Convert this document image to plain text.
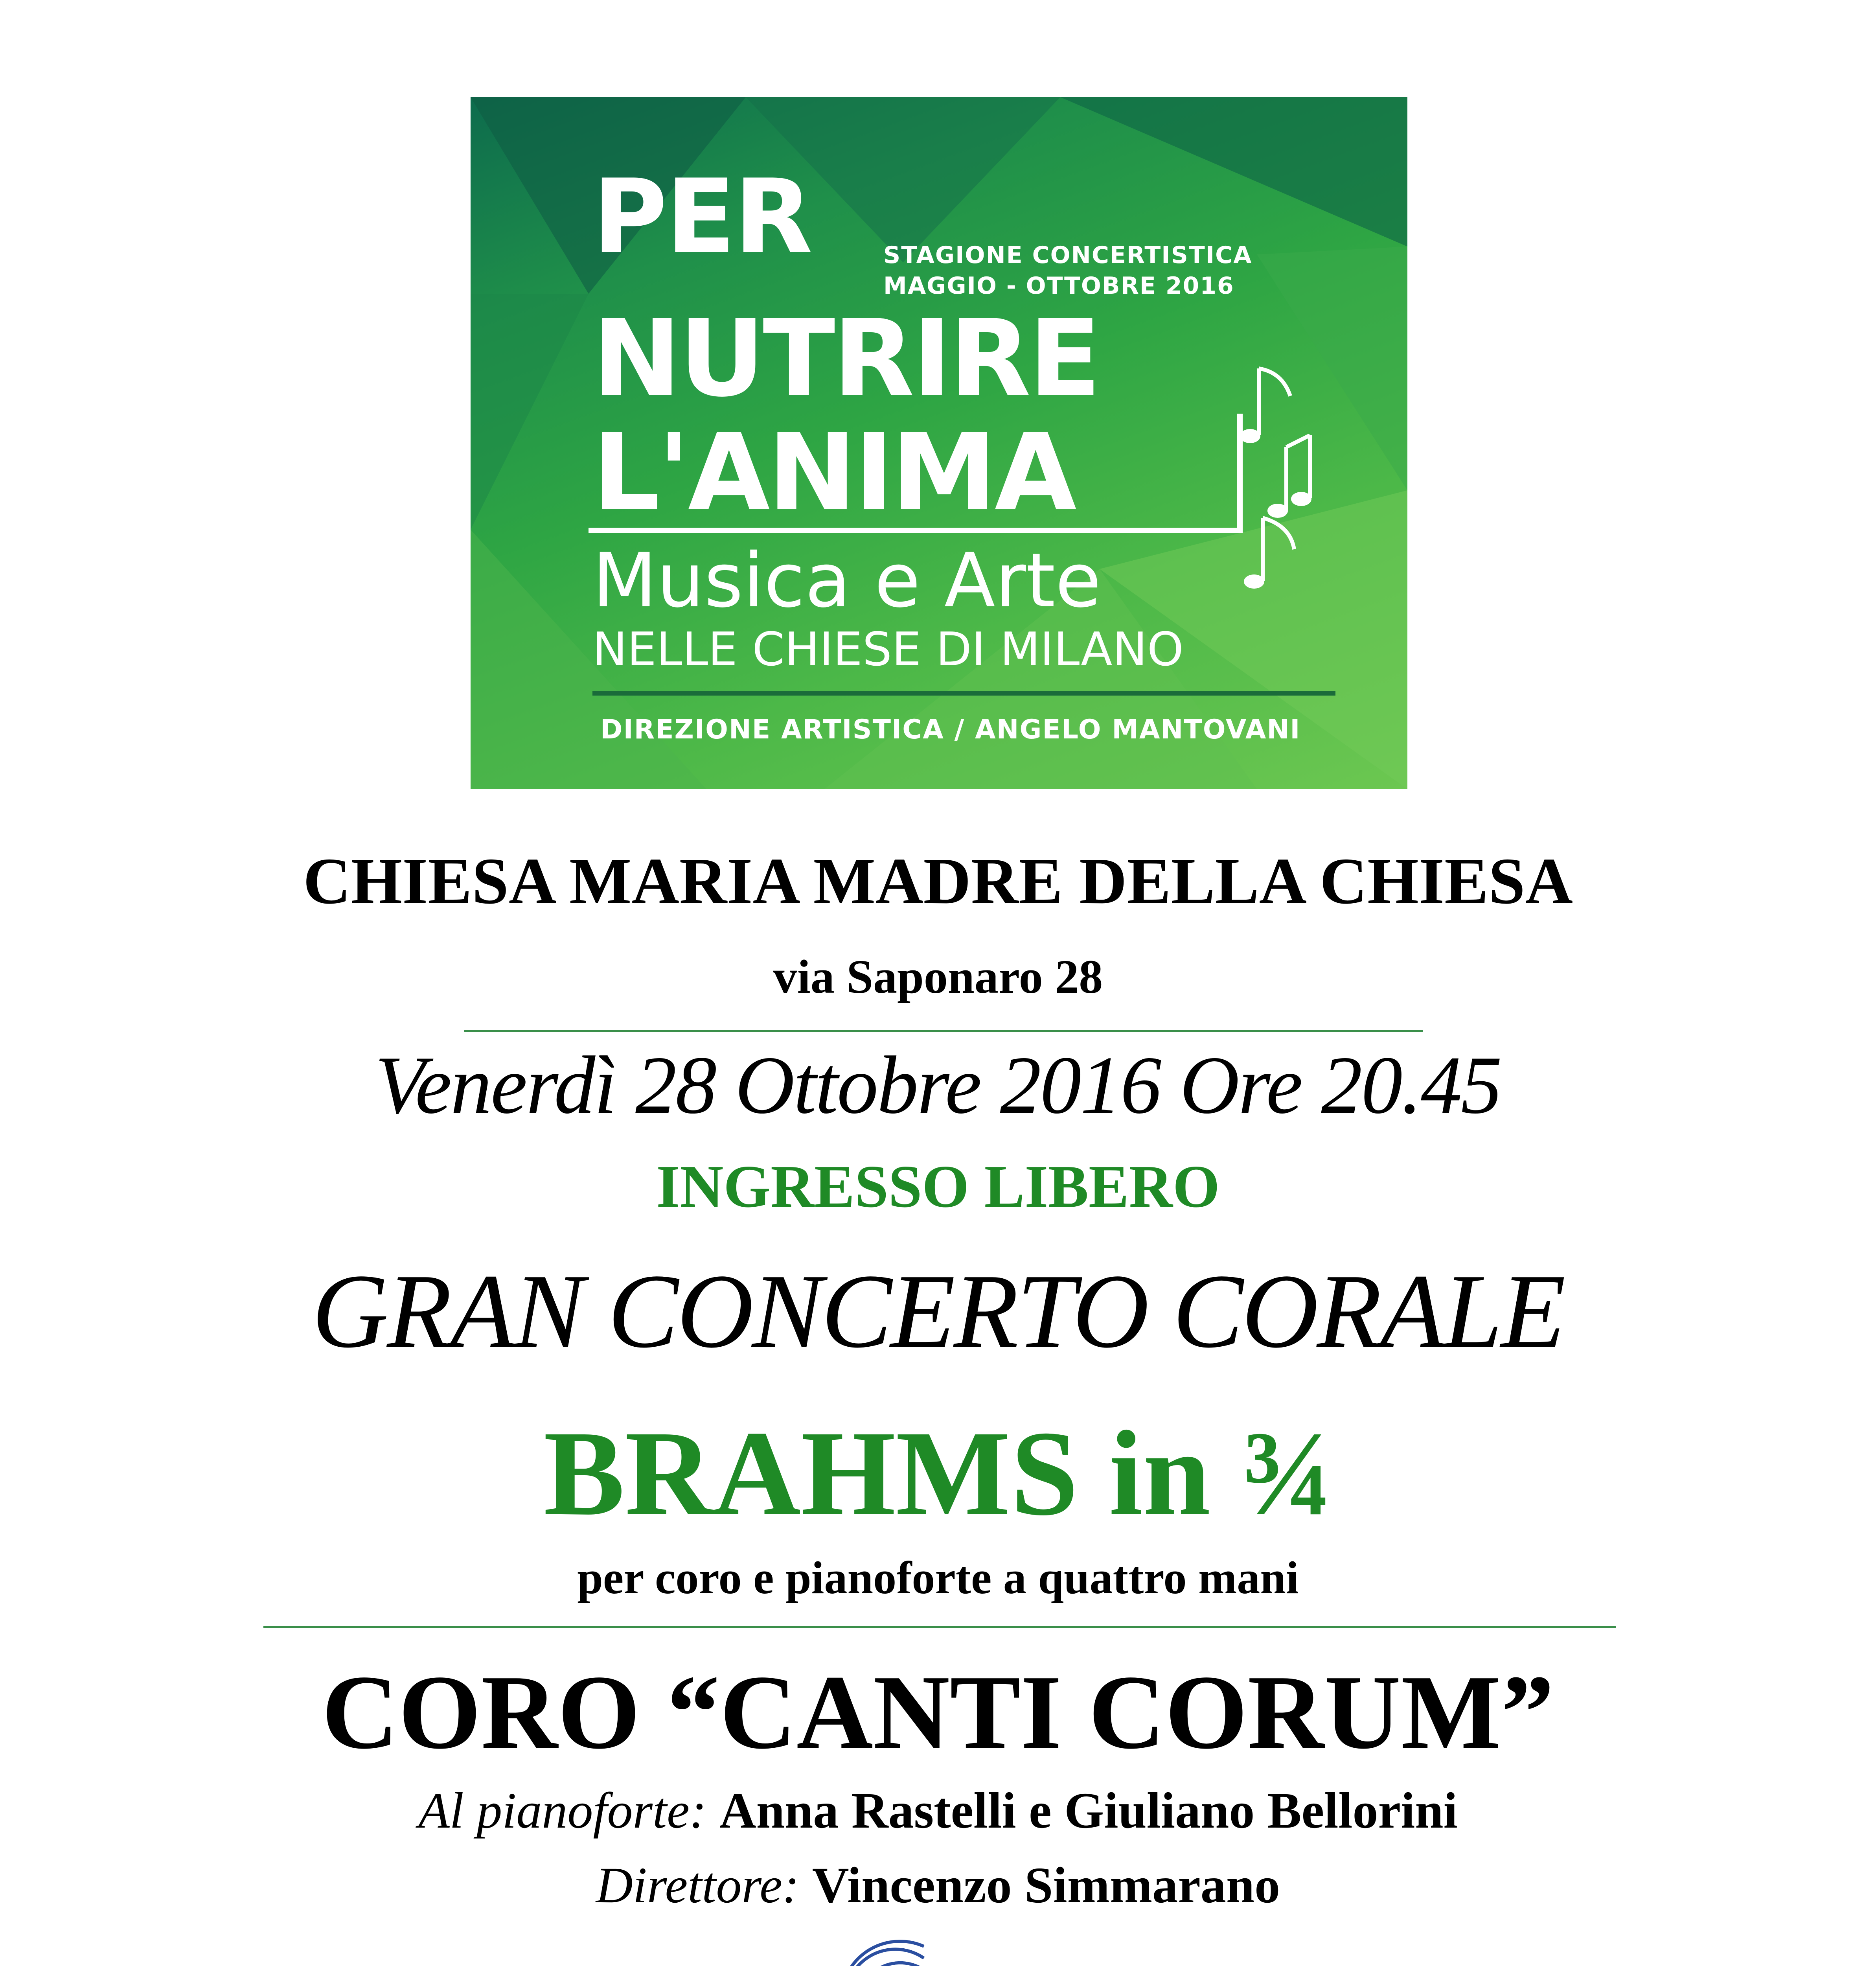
PER	STAGIONE CONCERTISTICA
MAGGIO - OTTOBRE 2016
NUTRIRE
L'ANIMA
Musica e Arte
NELLE CHIESE DI MILANO
DIREZIONE ARTISTICA / ANGELO MANTOVANI
CHIESA MARIA MADRE DELLA CHIESA
via Saponaro 28
Venerdì 28 Ottobre 2016 Ore 20.45
INGRESSO LIBERO
GRAN CONCERTO CORALE
BRAHMS in ¾
per coro e pianoforte a quattro mani
CORO “CANTI CORUM”
Al pianoforte: Anna Rastelli e Giuliano Bellorini
Direttore: Vincenzo Simmarano
